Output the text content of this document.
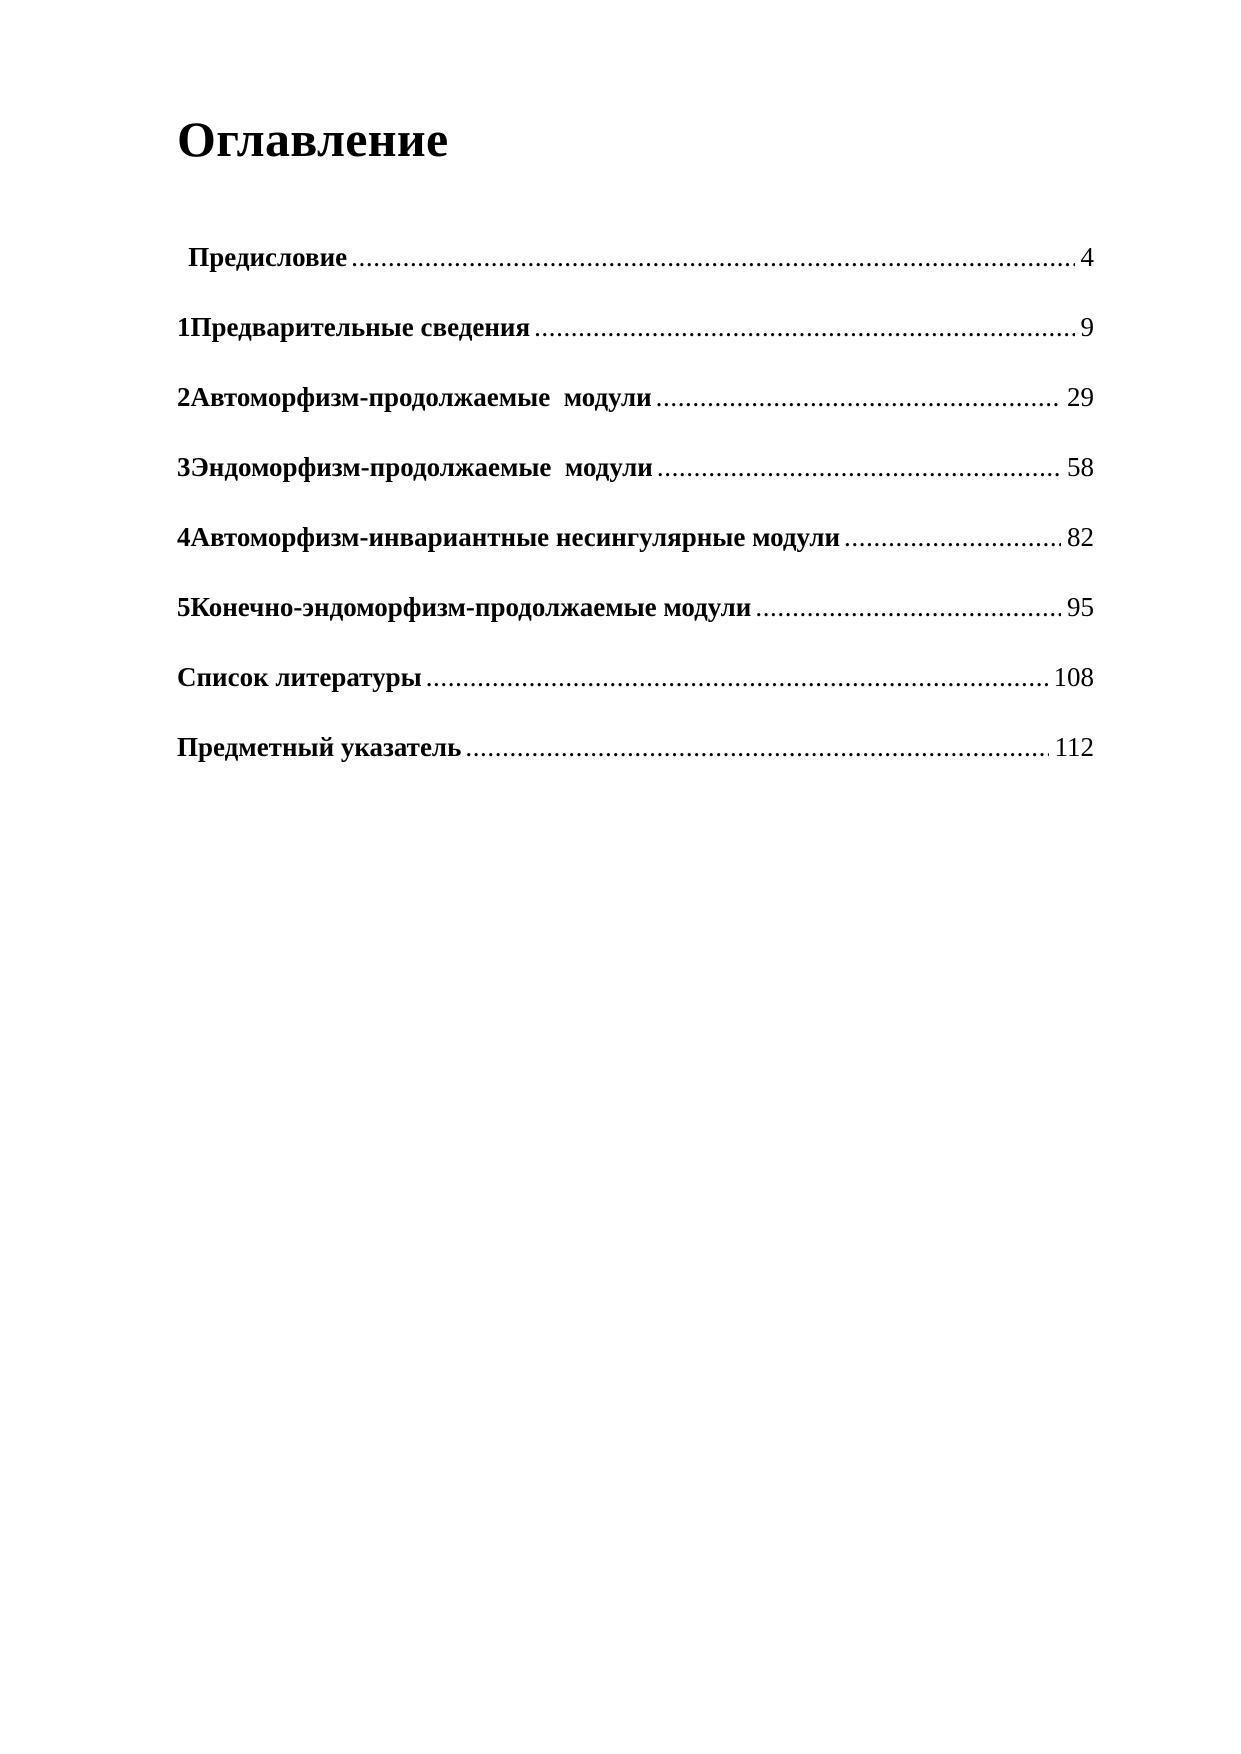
Оглавление
Предисловие .....	4
1 Предварительные сведения .....	9
2 Автоморфизм-продолжаемые  модули .....	29
3 Эндоморфизм-продолжаемые  модули .....	58
4 Автоморфизм-инвариантные несингулярные модули .....	82
5 Конечно-эндоморфизм-продолжаемые модули .....	95
Список литературы .....	108
Предметный указатель .....	112
